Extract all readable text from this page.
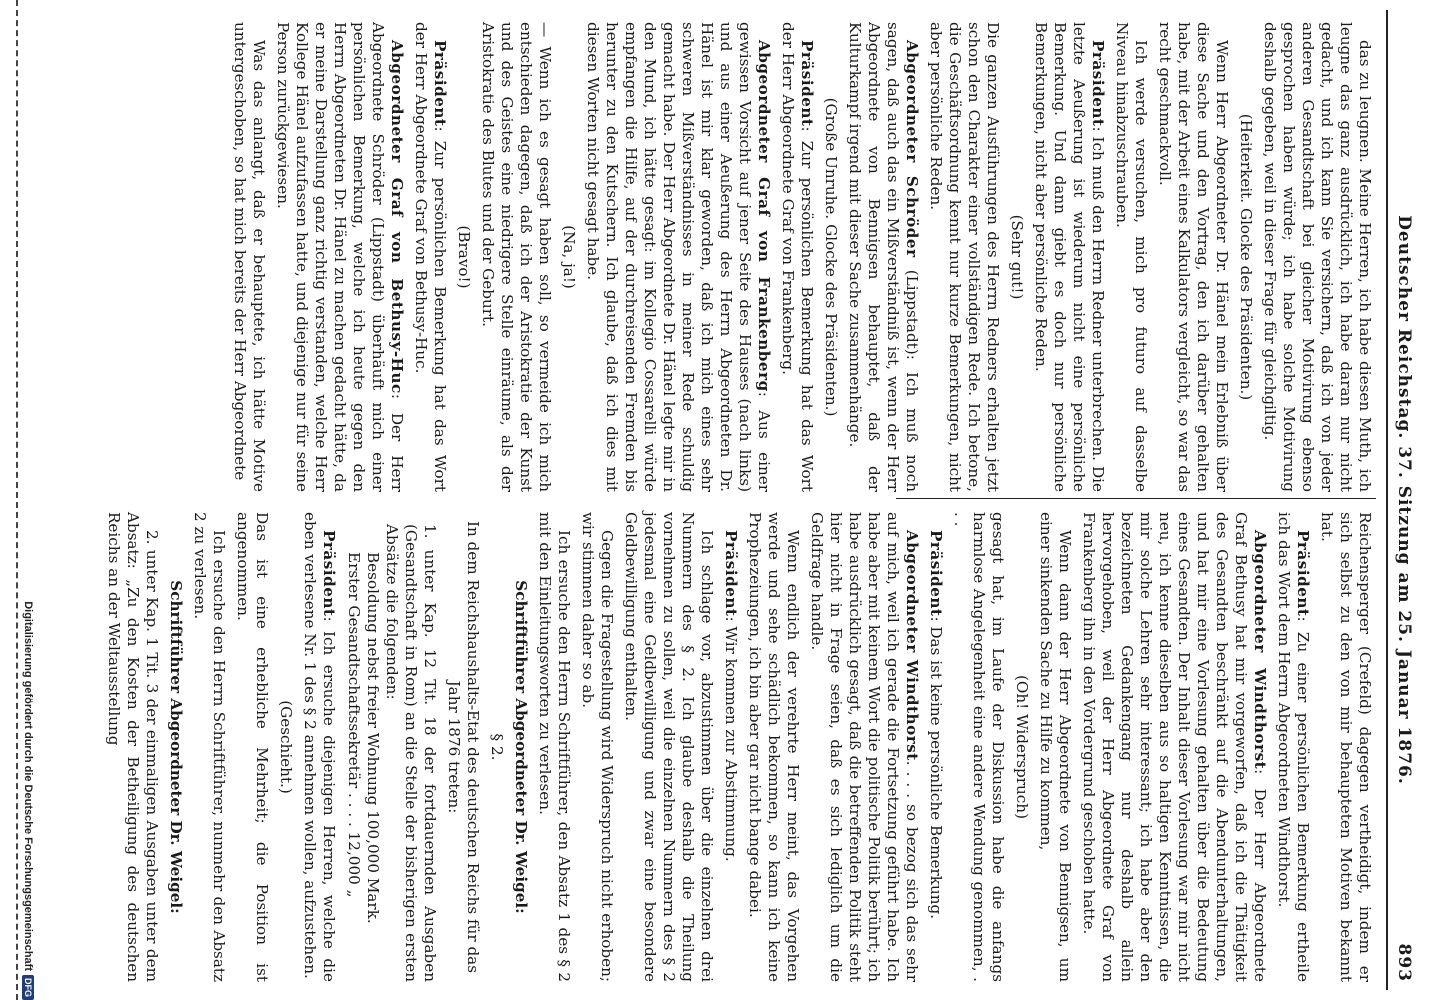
Deutscher Reichstag. 37. Sitzung am 25. Januar 1876.
893

das zu leugnen. Meine Herren, ich habe diesen Muth, ich leugne das ganz ausdrücklich, ich habe daran nur nicht gedacht, und ich kann Sie versichern, daß ich von jeder anderen Gesandtschaft bei gleicher Motivirung ebenso gesprochen haben würde; ich habe solche Motivirung deshalb gegeben, weil in dieser Frage für gleichgiltig.

(Heiterkeit. Glocke des Präsidenten.)

Wenn Herr Abgeordneter Dr. Hänel mein Erlebniß über diese Sache und den Vortrag, den ich darüber gehalten habe, mit der Arbeit eines Kalkulators vergleicht, so war das recht geschmackvoll.

Ich werde versuchen, mich pro futuro auf dasselbe Niveau hinabzuschrauben.

Präsident: Ich muß den Herrn Redner unterbrechen. Die letzte Aeußerung ist wiederum nicht eine persönliche Bemerkung. Und dann giebt es doch nur persönliche Bemerkungen, nicht aber persönliche Reden.

(Sehr gut!)

Die ganzen Ausführungen des Herrn Redners erhalten jetzt schon den Charakter einer vollständigen Rede. Ich betone, die Geschäftsordnung kennt nur kurze Bemerkungen, nicht aber persönliche Reden.

Abgeordneter Schröder (Lippstadt): Ich muß noch sagen, daß auch das ein Mißverständniß ist, wenn der Herr Abgeordnete von Bennigsen behauptet, daß der Kulturkampf irgend mit dieser Sache zusammenhänge.

(Große Unruhe. Glocke des Präsidenten.)

Präsident: Zur persönlichen Bemerkung hat das Wort der Herr Abgeordnete Graf von Frankenberg.

Abgeordneter Graf von Frankenberg: Aus einer gewissen Vorsicht auf jener Seite des Hauses (nach links) und aus einer Aeußerung des Herrn Abgeordneten Dr. Hänel ist mir klar geworden, daß ich mich eines sehr schweren Mißverständnisses in meiner Rede schuldig gemacht habe. Der Herr Abgeordnete Dr. Hänel legte mir in den Mund, ich hätte gesagt: im Kollegio Cossarelli würde empfangen die Hilfe, auf der durchreisenden Fremden bis herunter zu den Kutschern. Ich glaube, daß ich dies mit diesen Worten nicht gesagt habe.

(Na, ja!)

— Wenn ich es gesagt haben soll, so vermeide ich mich entschieden dagegen, daß ich der Aristokratie der Kunst und des Geistes eine niedrigere Stelle einräume, als der Aristokratie des Blutes und der Geburt.

(Bravo!)

Präsident: Zur persönlichen Bemerkung hat das Wort der Herr Abgeordnete Graf von Bethusy-Huc.

Abgeordneter Graf von Bethusy-Huc: Der Herr Abgeordnete Schröder (Lippstadt) überhäuft mich einer persönlichen Bemerkung, welche ich heute gegen den Herrn Abgeordneten Dr. Hänel zu machen gedacht hätte, da er meine Darstellung ganz richtig verstanden, welche Herr Kollege Hänel aufzufassen hatte, und diejenige nur für seine Person zurückgewiesen.

Was das anlangt, daß er behauptete, ich hätte Motive untergeschoben, so hat mich bereits der Herr Abgeordnete

Reichensperger (Crefeld) dagegen vertheidigt, indem er sich selbst zu den von mir behaupteten Motiven bekannt hat.

Präsident: Zu einer persönlichen Bemerkung ertheile ich das Wort dem Herrn Abgeordneten Windthorst.

Abgeordneter Windthorst: Der Herr Abgeordnete Graf Bethusy hat mir vorgeworfen, daß ich die Thätigkeit des Gesandten beschränkt auf die Abendunterhaltungen, und hat mir eine Vorlesung gehalten über die Bedeutung eines Gesandten. Der Inhalt dieser Vorlesung war mir nicht neu, ich kenne dieselben aus so haltigen Kenntnissen, die mir solche Lehren sehr interessant; ich habe aber den bezeichneten Gedankengang nur deshalb allein hervorgehoben, weil der Herr Abgeordnete Graf von Frankenberg ihn in den Vordergrund geschoben hatte.

Wenn dann der Herr Abgeordnete von Bennigsen, um einer sinkenden Sache zu Hilfe zu kommen,

(Oh! Widerspruch)

gesagt hat, im Laufe der Diskussion habe die anfangs harmlose Angelegenheit eine andere Wendung genommen, . . .

Präsident: Das ist keine persönliche Bemerkung.

Abgeordneter Windthorst. . . . so bezog sich das sehr auf mich, weil ich gerade die Fortsetzung geführt habe. Ich habe aber mit keinem Wort die politische Politik berührt; ich habe ausdrücklich gesagt, daß die betreffenden Politik steht hier nicht in Frage seien, daß es sich lediglich um die Geldfrage handle.

Wenn endlich der verehrte Herr meint, das Vorgehen werde und sehe schädlich bekommen, so kann ich keine Prophezeiungen, ich bin aber gar nicht bange dabei.

Präsident: Wir kommen zur Abstimmung.

Ich schlage vor, abzustimmen über die einzelnen drei Nummern des § 2. Ich glaube deshalb die Theilung vornehmen zu sollen, weil die einzelnen Nummern des § 2 jedesmal eine Geldbewilligung und zwar eine besondere Geldbewilligung enthalten.

Gegen die Fragestellung wird Widerspruch nicht erhoben; wir stimmen daher so ab.

Ich ersuche den Herrn Schriftführer, den Absatz 1 des § 2 mit den Einleitungsworten zu verlesen.

Schriftführer Abgeordneter Dr. Weigel:

§ 2.

In dem Reichshaushalts-Etat des deutschen Reichs für das Jahr 1876 treten:

1. unter Kap. 12 Tit. 18 der fortdauernden Ausgaben (Gesandtschaft in Rom) an die Stelle der bisherigen ersten Absätze die folgenden:
Besoldung nebst freier Wohnung 100,000 Mark.
Erster Gesandtschaftssekretär . . . . 12,000 „

Präsident: Ich ersuche diejenigen Herren, welche die eben verlesene Nr. 1 des § 2 annehmen wollen, aufzustehen.

(Geschieht.)

Das ist eine erhebliche Mehrheit; die Position ist angenommen.

Ich ersuche den Herrn Schriftführer, nunmehr den Absatz 2 zu verlesen.

Schriftführer Abgeordneter Dr. Weigel:

2. unter Kap. 1 Tit. 3 der einmaligen Ausgaben unter dem Absatz: „Zu den Kosten der Betheiligung des deutschen Reichs an der Weltausstellung

Digitalisierung gefördert durch die Deutsche ForschungsgemeinschaftDFG
